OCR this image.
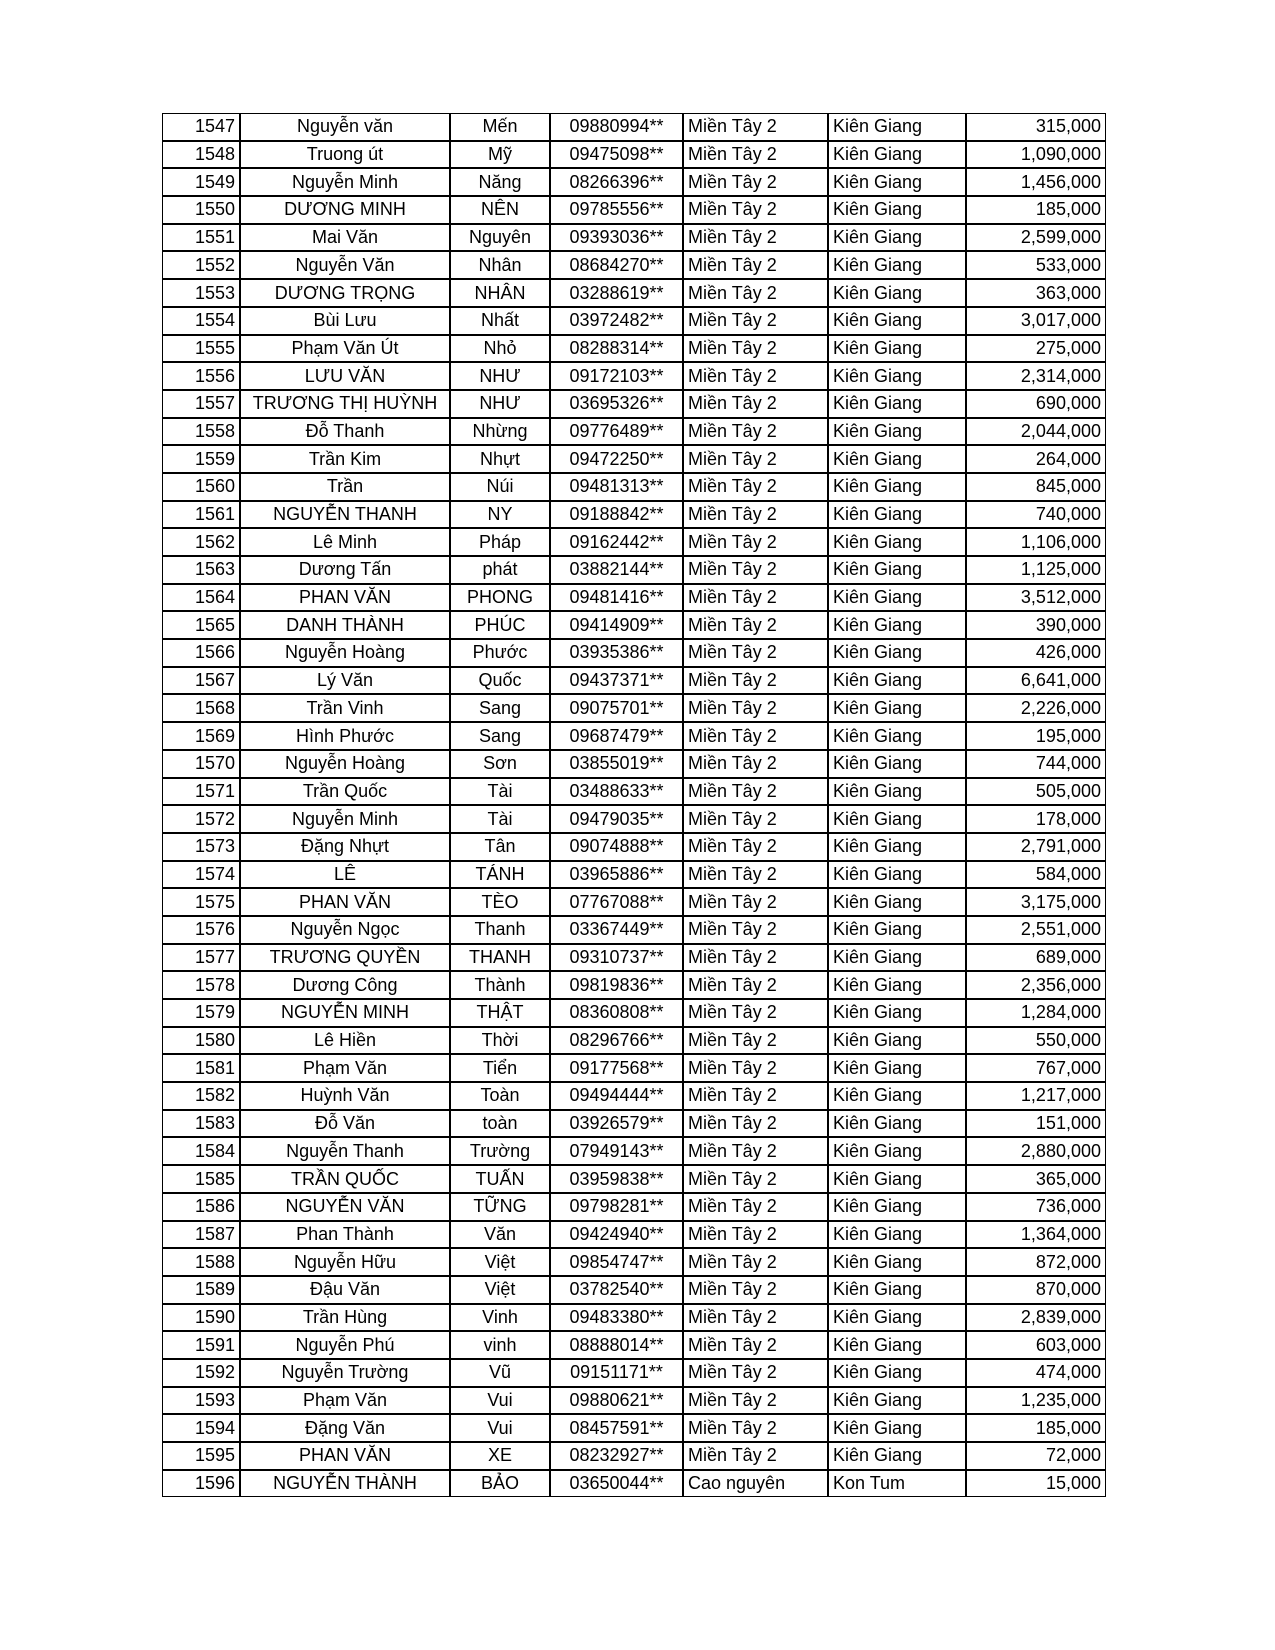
1547	Nguyễn văn	Mến	09880994**	Miền Tây 2	Kiên Giang	315,000
1548	Truong út	Mỹ	09475098**	Miền Tây 2	Kiên Giang	1,090,000
1549	Nguyễn Minh	Năng	08266396**	Miền Tây 2	Kiên Giang	1,456,000
1550	DƯƠNG MINH	NÊN	09785556**	Miền Tây 2	Kiên Giang	185,000
1551	Mai Văn	Nguyên	09393036**	Miền Tây 2	Kiên Giang	2,599,000
1552	Nguyễn Văn	Nhân	08684270**	Miền Tây 2	Kiên Giang	533,000
1553	DƯƠNG TRỌNG	NHÂN	03288619**	Miền Tây 2	Kiên Giang	363,000
1554	Bùi Lưu	Nhất	03972482**	Miền Tây 2	Kiên Giang	3,017,000
1555	Phạm Văn Út	Nhỏ	08288314**	Miền Tây 2	Kiên Giang	275,000
1556	LƯU VĂN	NHƯ	09172103**	Miền Tây 2	Kiên Giang	2,314,000
1557	TRƯƠNG THỊ HUỲNH	NHƯ	03695326**	Miền Tây 2	Kiên Giang	690,000
1558	Đỗ Thanh	Nhừng	09776489**	Miền Tây 2	Kiên Giang	2,044,000
1559	Trần Kim	Nhựt	09472250**	Miền Tây 2	Kiên Giang	264,000
1560	Trần	Núi	09481313**	Miền Tây 2	Kiên Giang	845,000
1561	NGUYỄN THANH	NY	09188842**	Miền Tây 2	Kiên Giang	740,000
1562	Lê Minh	Pháp	09162442**	Miền Tây 2	Kiên Giang	1,106,000
1563	Dương Tấn	phát	03882144**	Miền Tây 2	Kiên Giang	1,125,000
1564	PHAN VĂN	PHONG	09481416**	Miền Tây 2	Kiên Giang	3,512,000
1565	DANH THÀNH	PHÚC	09414909**	Miền Tây 2	Kiên Giang	390,000
1566	Nguyễn Hoàng	Phước	03935386**	Miền Tây 2	Kiên Giang	426,000
1567	Lý Văn	Quốc	09437371**	Miền Tây 2	Kiên Giang	6,641,000
1568	Trần Vinh	Sang	09075701**	Miền Tây 2	Kiên Giang	2,226,000
1569	Hình Phước	Sang	09687479**	Miền Tây 2	Kiên Giang	195,000
1570	Nguyễn Hoàng	Sơn	03855019**	Miền Tây 2	Kiên Giang	744,000
1571	Trần Quốc	Tài	03488633**	Miền Tây 2	Kiên Giang	505,000
1572	Nguyễn Minh	Tài	09479035**	Miền Tây 2	Kiên Giang	178,000
1573	Đặng Nhựt	Tân	09074888**	Miền Tây 2	Kiên Giang	2,791,000
1574	LÊ	TÁNH	03965886**	Miền Tây 2	Kiên Giang	584,000
1575	PHAN VĂN	TÈO	07767088**	Miền Tây 2	Kiên Giang	3,175,000
1576	Nguyễn Ngọc	Thanh	03367449**	Miền Tây 2	Kiên Giang	2,551,000
1577	TRƯƠNG QUYỀN	THANH	09310737**	Miền Tây 2	Kiên Giang	689,000
1578	Dương Công	Thành	09819836**	Miền Tây 2	Kiên Giang	2,356,000
1579	NGUYỄN MINH	THẬT	08360808**	Miền Tây 2	Kiên Giang	1,284,000
1580	Lê Hiền	Thời	08296766**	Miền Tây 2	Kiên Giang	550,000
1581	Phạm Văn	Tiển	09177568**	Miền Tây 2	Kiên Giang	767,000
1582	Huỳnh Văn	Toàn	09494444**	Miền Tây 2	Kiên Giang	1,217,000
1583	Đỗ Văn	toàn	03926579**	Miền Tây 2	Kiên Giang	151,000
1584	Nguyễn Thanh	Trường	07949143**	Miền Tây 2	Kiên Giang	2,880,000
1585	TRẦN QUỐC	TUẤN	03959838**	Miền Tây 2	Kiên Giang	365,000
1586	NGUYỄN VĂN	TỮNG	09798281**	Miền Tây 2	Kiên Giang	736,000
1587	Phan Thành	Văn	09424940**	Miền Tây 2	Kiên Giang	1,364,000
1588	Nguyễn Hữu	Việt	09854747**	Miền Tây 2	Kiên Giang	872,000
1589	Đậu Văn	Việt	03782540**	Miền Tây 2	Kiên Giang	870,000
1590	Trần Hùng	Vinh	09483380**	Miền Tây 2	Kiên Giang	2,839,000
1591	Nguyễn Phú	vinh	08888014**	Miền Tây 2	Kiên Giang	603,000
1592	Nguyễn Trường	Vũ	09151171**	Miền Tây 2	Kiên Giang	474,000
1593	Phạm Văn	Vui	09880621**	Miền Tây 2	Kiên Giang	1,235,000
1594	Đặng Văn	Vui	08457591**	Miền Tây 2	Kiên Giang	185,000
1595	PHAN VĂN	XE	08232927**	Miền Tây 2	Kiên Giang	72,000
1596	NGUYỄN THÀNH	BẢO	03650044**	Cao nguyên	Kon Tum	15,000
